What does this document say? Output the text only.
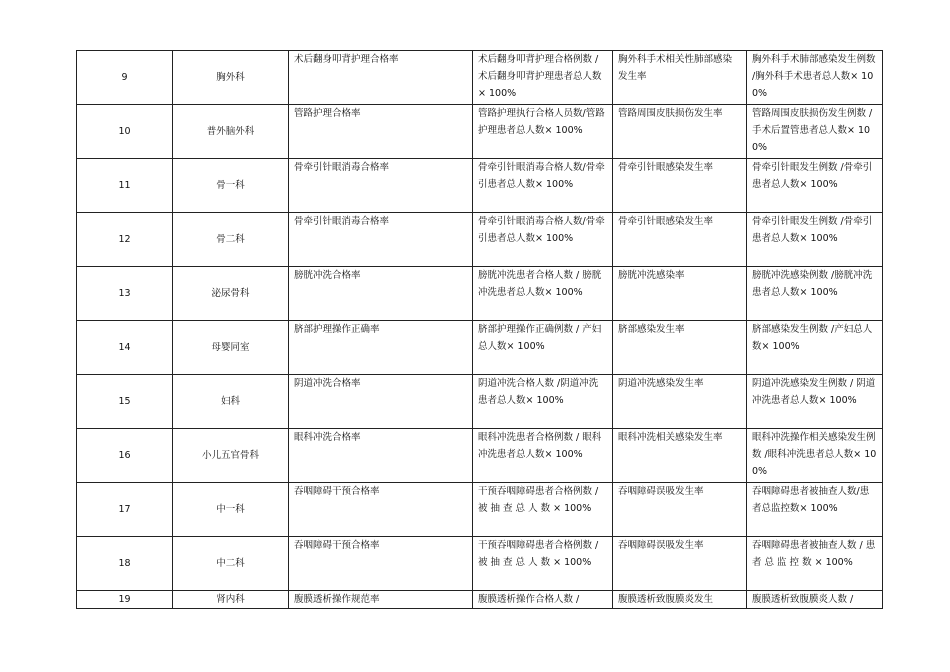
9	胸外科	术后翻身叩背护理合格率	术后翻身叩背护理合格例数 / 术后翻身叩背护理患者总人数× 100%	胸外科手术相关性肺部感染发生率	胸外科手术肺部感染发生例数 /胸外科手术患者总人数× 100%
10	普外脑外科	管路护理合格率	管路护理执行合格人员数/管路护理患者总人数× 100%	管路周围皮肤损伤发生率	管路周围皮肤损伤发生例数 /手术后置管患者总人数× 100%
11	骨一科	骨牵引针眼消毒合格率	骨牵引针眼消毒合格人数/骨牵引患者总人数× 100%	骨牵引针眼感染发生率	骨牵引针眼发生例数 /骨牵引患者总人数× 100%
12	骨二科	骨牵引针眼消毒合格率	骨牵引针眼消毒合格人数/骨牵引患者总人数× 100%	骨牵引针眼感染发生率	骨牵引针眼发生例数 /骨牵引患者总人数× 100%
13	泌尿骨科	膀胱冲洗合格率	膀胱冲洗患者合格人数 / 膀胱冲洗患者总人数× 100%	膀胱冲洗感染率	膀胱冲洗感染例数 /膀胱冲洗患者总人数× 100%
14	母婴同室	脐部护理操作正确率	脐部护理操作正确例数 / 产妇总人数× 100%	脐部感染发生率	脐部感染发生例数 /产妇总人数× 100%
15	妇科	阴道冲洗合格率	阴道冲洗合格人数 /阴道冲洗患者总人数× 100%	阴道冲洗感染发生率	阴道冲洗感染发生例数 / 阴道冲洗患者总人数× 100%
16	小儿五官骨科	眼科冲洗合格率	眼科冲洗患者合格例数 / 眼科冲洗患者总人数× 100%	眼科冲洗相关感染发生率	眼科冲洗操作相关感染发生例数 /眼科冲洗患者总人数× 100%
17	中一科	吞咽障碍干预合格率	干预吞咽障碍患者合格例数 / 被 抽 查 总 人 数 × 100%	吞咽障碍误吸发生率	吞咽障碍患者被抽查人数/患者总监控数× 100%
18	中二科	吞咽障碍干预合格率	干预吞咽障碍患者合格例数 / 被 抽 查 总 人 数 × 100%	吞咽障碍误吸发生率	吞咽障碍患者被抽查人数 / 患 者 总 监 控 数 × 100%
19	肾内科	腹膜透析操作规范率	腹膜透析操作合格人数 /	腹膜透析致腹膜炎发生	腹膜透析致腹膜炎人数 /
